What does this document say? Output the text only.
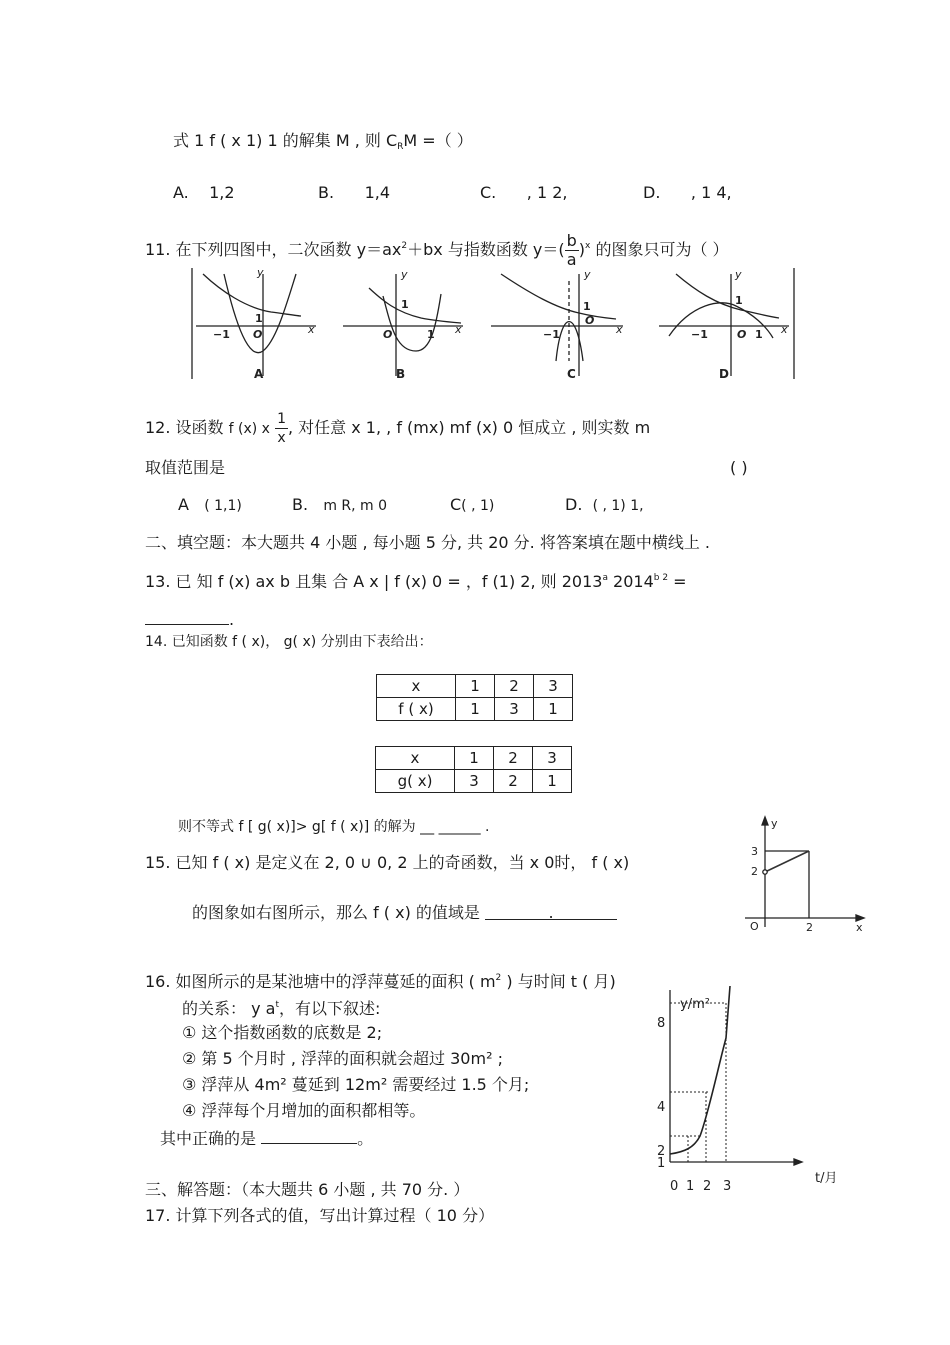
式 1 f ( x 1) 1 的解集 M , 则 $C_RM$ =（ ）
A. 1,2	B. 1,4	C. , 1 2,	D. , 1 4,
11. 在下列四图中，二次函数 $y=ax^2+bx$ 与指数函数 $y=( \frac{b}{a} )^x$ 的图象只可为（ ）
y
x
O
1
−1
y
x
O
1
1
y
x
O
1
−1
y
x
O
1
−1	1
A	B	C	D
12. 设函数 f (x) x $\frac{1}{x}$ , 对任意 x 1, , f (mx) mf (x) 0 恒成立 , 则实数 m
取值范围是	( )
A ( 1,1)	B. m R, m 0	C( , 1)	D. ( , 1) 1,
二、填空题：本大题共 4 小题 , 每小题 5 分, 共 20 分. 将答案填在题中横线上 .
13. 已 知 f (x) ax b 且集 合 A x | f (x) 0 = ，f (1) 2, 则 2013$^a$ $2014^{b 2}$ =
.
14. 已知函数 f ( x)， g( x) 分别由下表给出：
x	1	2	3
f ( x)	1	3	1
x	1	2	3
g( x)	3	2	1
则不等式 f [ g( x)]> g[ f ( x)] 的解为 __ ______ .
15. 已知 f ( x) 是定义在 2, 0 ∪ 0, 2 上的奇函数，当 x 0时， f ( x)
的图象如右图所示，那么 f ( x) 的值域是	.
y
x
O	2
2
3
16. 如图所示的是某池塘中的浮萍蔓延的面积 ( $m^2$ ) 与时间 t ( 月)
的关系： y $a^t$，有以下叙述:
① 这个指数函数的底数是 2;
② 第 5 个月时 , 浮萍的面积就会超过 30m² ;
③ 浮萍从 4m² 蔓延到 12m² 需要经过 1.5 个月;
④ 浮萍每个月增加的面积都相等。
其中正确的是	。
y/m²
t/月
8
4
2
1
0 1 2 3
三、解答题：（本大题共 6 小题 , 共 70 分. ）
17. 计算下列各式的值，写出计算过程（ 10 分）
